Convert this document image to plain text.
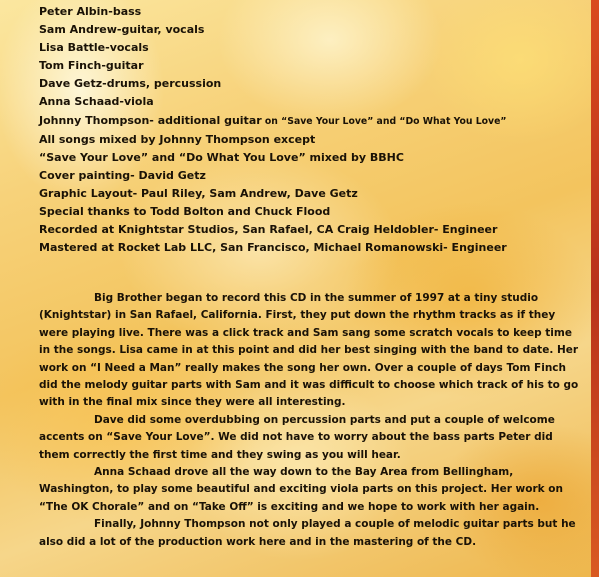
Peter Albin-bass
Sam Andrew-guitar, vocals
Lisa Battle-vocals
Tom Finch-guitar
Dave Getz-drums, percussion
Anna Schaad-viola
Johnny Thompson- additional guitar on “Save Your Love” and “Do What You Love”
All songs mixed by Johnny Thompson except
“Save Your Love” and “Do What You Love” mixed by BBHC
Cover painting- David Getz
Graphic Layout- Paul Riley, Sam Andrew, Dave Getz
Special thanks to Todd Bolton and Chuck Flood
Recorded at Knightstar Studios, San Rafael, CA Craig Heldobler- Engineer
Mastered at Rocket Lab LLC, San Francisco, Michael Romanowski- Engineer

Big Brother began to record this CD in the summer of 1997 at a tiny studio (Knightstar) in San Rafael, California. First, they put down the rhythm tracks as if they were playing live. There was a click track and Sam sang some scratch vocals to keep time in the songs. Lisa came in at this point and did her best singing with the band to date. Her work on “I Need a Man” really makes the song her own. Over a couple of days Tom Finch did the melody guitar parts with Sam and it was difficult to choose which track of his to go with in the final mix since they were all interesting.

Dave did some overdubbing on percussion parts and put a couple of welcome accents on “Save Your Love”. We did not have to worry about the bass parts Peter did them correctly the first time and they swing as you will hear.

Anna Schaad drove all the way down to the Bay Area from Bellingham, Washington, to play some beautiful and exciting viola parts on this project. Her work on “The OK Chorale” and on “Take Off” is exciting and we hope to work with her again.

Finally, Johnny Thompson not only played a couple of melodic guitar parts but he also did a lot of the production work here and in the mastering of the CD.
